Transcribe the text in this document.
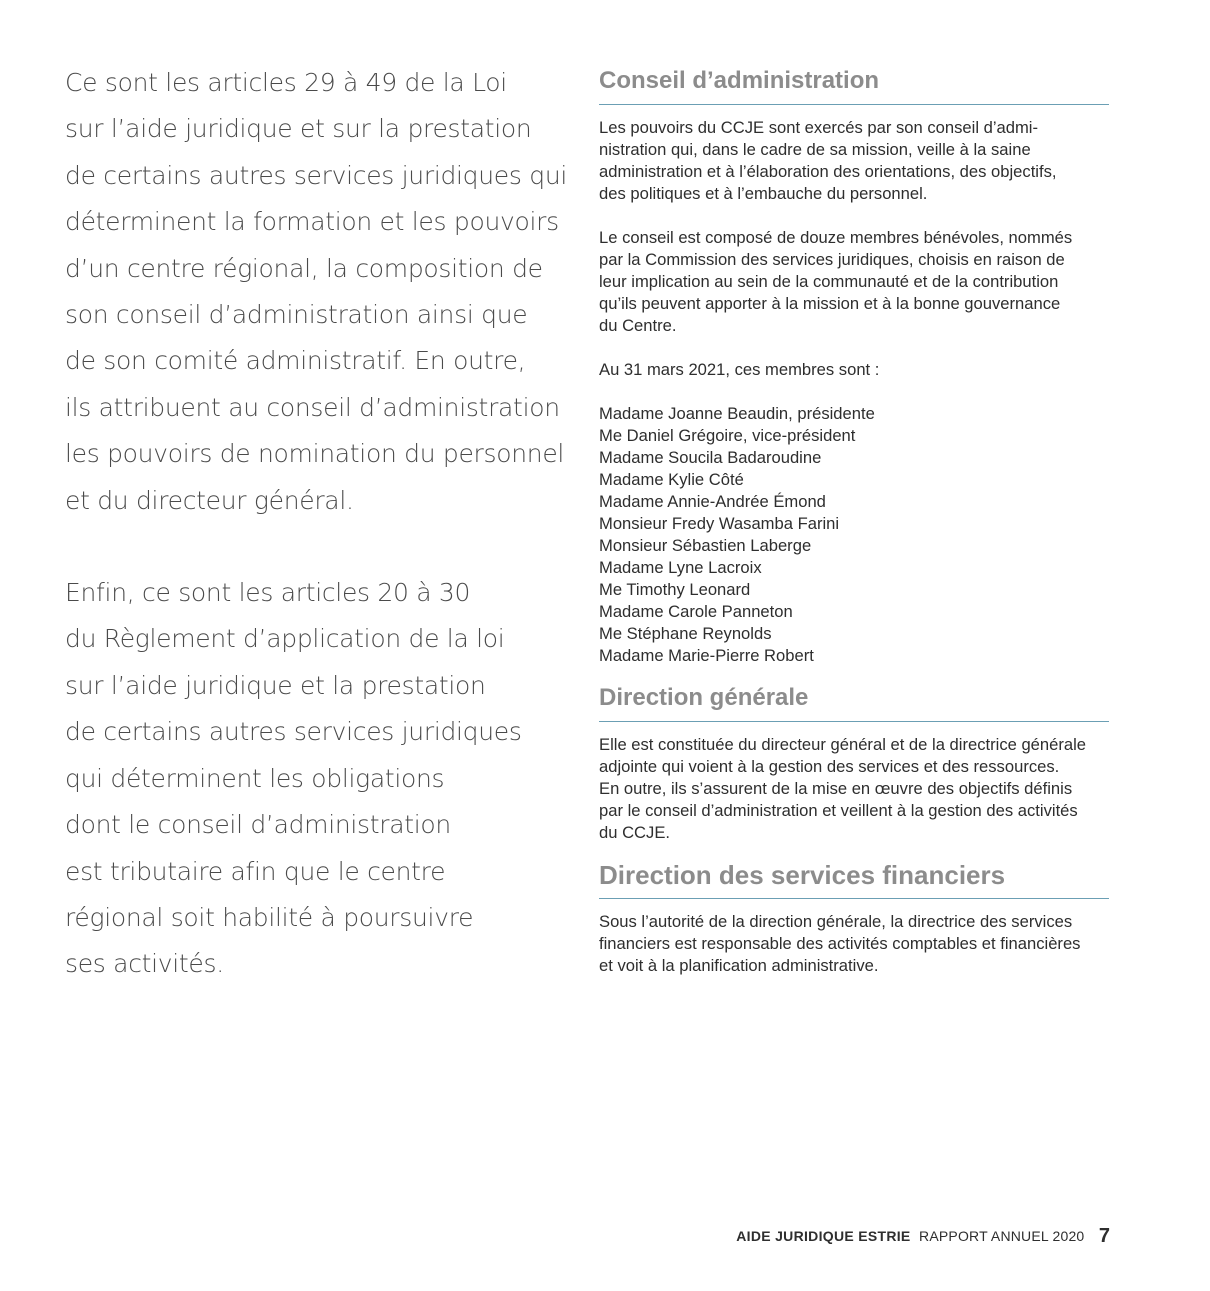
Ce sont les articles 29 à 49 de la Loi
sur l’aide juridique et sur la prestation
de certains autres services juridiques qui
déterminent la formation et les pouvoirs
d’un centre régional, la composition de
son conseil d’administration ainsi que
de son comité administratif. En outre,
ils attribuent au conseil d’administration
les pouvoirs de nomination du personnel
et du directeur général.
Enfin, ce sont les articles 20 à 30
du Règlement d’application de la loi
sur l’aide juridique et la prestation
de certains autres services juridiques
qui déterminent les obligations
dont le conseil d’administration
est tributaire afin que le centre
régional soit habilité à poursuivre
ses activités.
Conseil d’administration

Les pouvoirs du CCJE sont exercés par son conseil d’admi-
nistration qui, dans le cadre de sa mission, veille à la saine
administration et à l’élaboration des orientations, des objectifs,
des politiques et à l’embauche du personnel.

Le conseil est composé de douze membres bénévoles, nommés
par la Commission des services juridiques, choisis en raison de
leur implication au sein de la communauté et de la contribution
qu’ils peuvent apporter à la mission et à la bonne gouvernance
du Centre.

Au 31 mars 2021, ces membres sont :

Madame Joanne Beaudin, présidente
Me Daniel Grégoire, vice-président
Madame Soucila Badaroudine
Madame Kylie Côté
Madame Annie-Andrée Émond
Monsieur Fredy Wasamba Farini
Monsieur Sébastien Laberge
Madame Lyne Lacroix
Me Timothy Leonard
Madame Carole Panneton
Me Stéphane Reynolds
Madame Marie-Pierre Robert
Direction générale

Elle est constituée du directeur général et de la directrice générale
adjointe qui voient à la gestion des services et des ressources.
En outre, ils s’assurent de la mise en œuvre des objectifs définis
par le conseil d’administration et veillent à la gestion des activités
du CCJE.

Direction des services financiers

Sous l’autorité de la direction générale, la directrice des services
financiers est responsable des activités comptables et financières
et voit à la planification administrative.

AIDE JURIDIQUE ESTRIE RAPPORT ANNUEL 2020 7
